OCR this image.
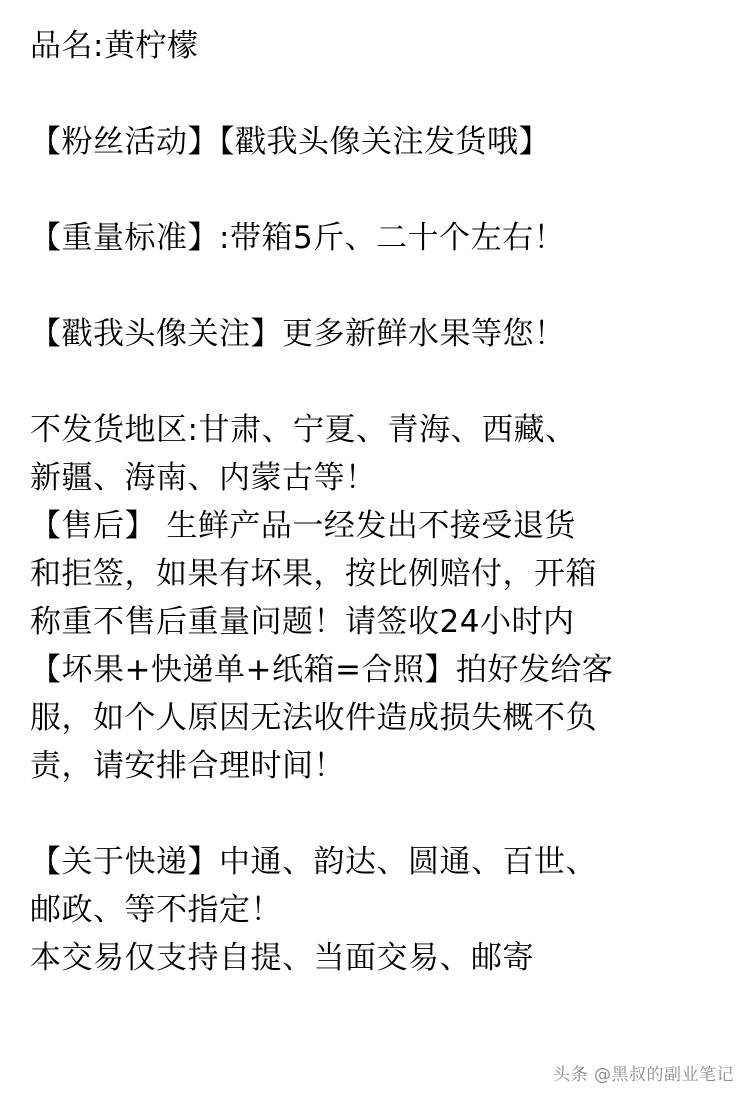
品名:黄柠檬
【粉丝活动】【戳我头像关注发货哦】
【重量标准】:带箱5斤、二十个左右！
【戳我头像关注】更多新鲜水果等您！
不发货地区:甘肃、宁夏、青海、西藏、
新疆、海南、内蒙古等！
【售后】 生鲜产品一经发出不接受退货
和拒签，如果有坏果，按比例赔付，开箱
称重不售后重量问题！请签收24小时内
【坏果+快递单+纸箱=合照】拍好发给客
服，如个人原因无法收件造成损失概不负
责，请安排合理时间！
【关于快递】中通、韵达、圆通、百世、
邮政、等不指定！
本交易仅支持自提、当面交易、邮寄
头条 @黑叔的副业笔记
